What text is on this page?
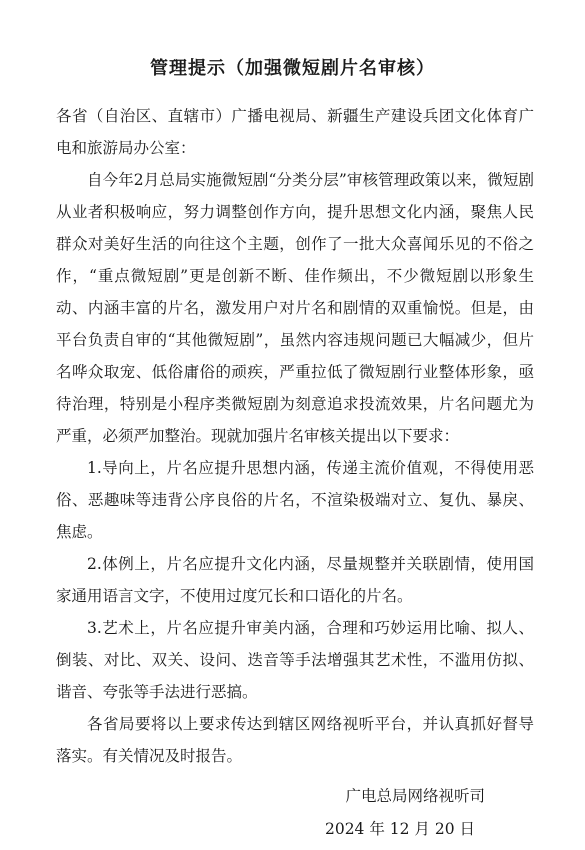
管理提示（加强微短剧片名审核）

各省（自治区、直辖市）广播电视局、新疆生产建设兵团文化体育广电和旅游局办公室：

自今年2月总局实施微短剧“分类分层”审核管理政策以来，微短剧从业者积极响应，努力调整创作方向，提升思想文化内涵，聚焦人民群众对美好生活的向往这个主题，创作了一批大众喜闻乐见的不俗之作，“重点微短剧”更是创新不断、佳作频出，不少微短剧以形象生动、内涵丰富的片名，激发用户对片名和剧情的双重愉悦。但是，由平台负责自审的“其他微短剧”，虽然内容违规问题已大幅减少，但片名哗众取宠、低俗庸俗的顽疾，严重拉低了微短剧行业整体形象，亟待治理，特别是小程序类微短剧为刻意追求投流效果，片名问题尤为严重，必须严加整治。现就加强片名审核关提出以下要求：

1.导向上，片名应提升思想内涵，传递主流价值观，不得使用恶俗、恶趣味等违背公序良俗的片名，不渲染极端对立、复仇、暴戾、焦虑。

2.体例上，片名应提升文化内涵，尽量规整并关联剧情，使用国家通用语言文字，不使用过度冗长和口语化的片名。

3.艺术上，片名应提升审美内涵，合理和巧妙运用比喻、拟人、倒装、对比、双关、设问、迭音等手法增强其艺术性，不滥用仿拟、谐音、夸张等手法进行恶搞。

各省局要将以上要求传达到辖区网络视听平台，并认真抓好督导落实。有关情况及时报告。

广电总局网络视听司
2024 年 12 月 20 日
